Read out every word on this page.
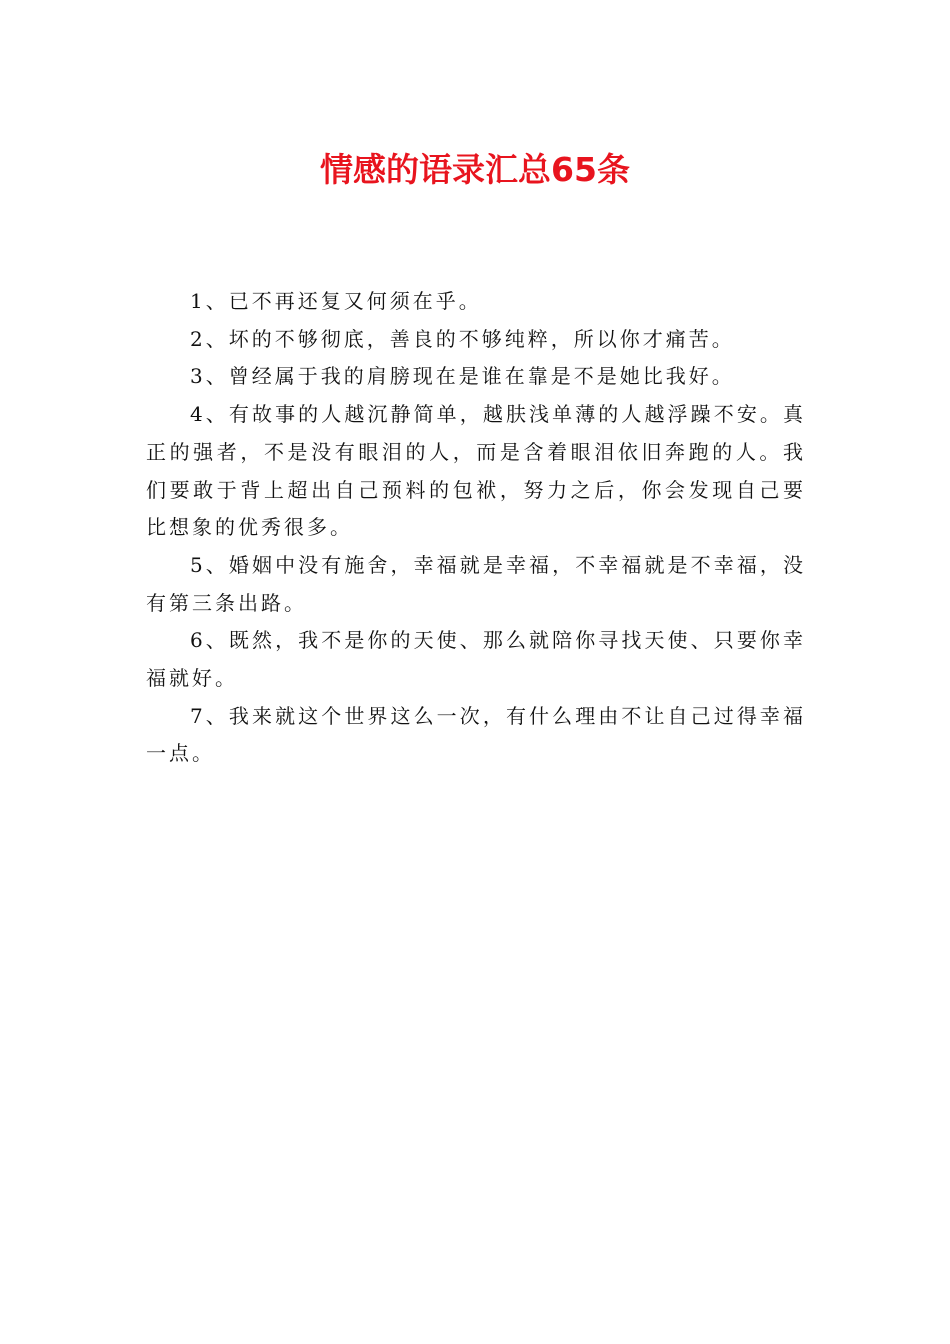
情感的语录汇总65条

1、已不再还复又何须在乎。

2、坏的不够彻底，善良的不够纯粹，所以你才痛苦。

3、曾经属于我的肩膀现在是谁在靠是不是她比我好。

4、有故事的人越沉静简单，越肤浅单薄的人越浮躁不安。真正的强者，不是没有眼泪的人，而是含着眼泪依旧奔跑的人。我们要敢于背上超出自己预料的包袱，努力之后，你会发现自己要比想象的优秀很多。

5、婚姻中没有施舍，幸福就是幸福，不幸福就是不幸福，没有第三条出路。

6、既然，我不是你的天使、那么就陪你寻找天使、只要你幸福就好。

7、我来就这个世界这么一次，有什么理由不让自己过得幸福一点。
